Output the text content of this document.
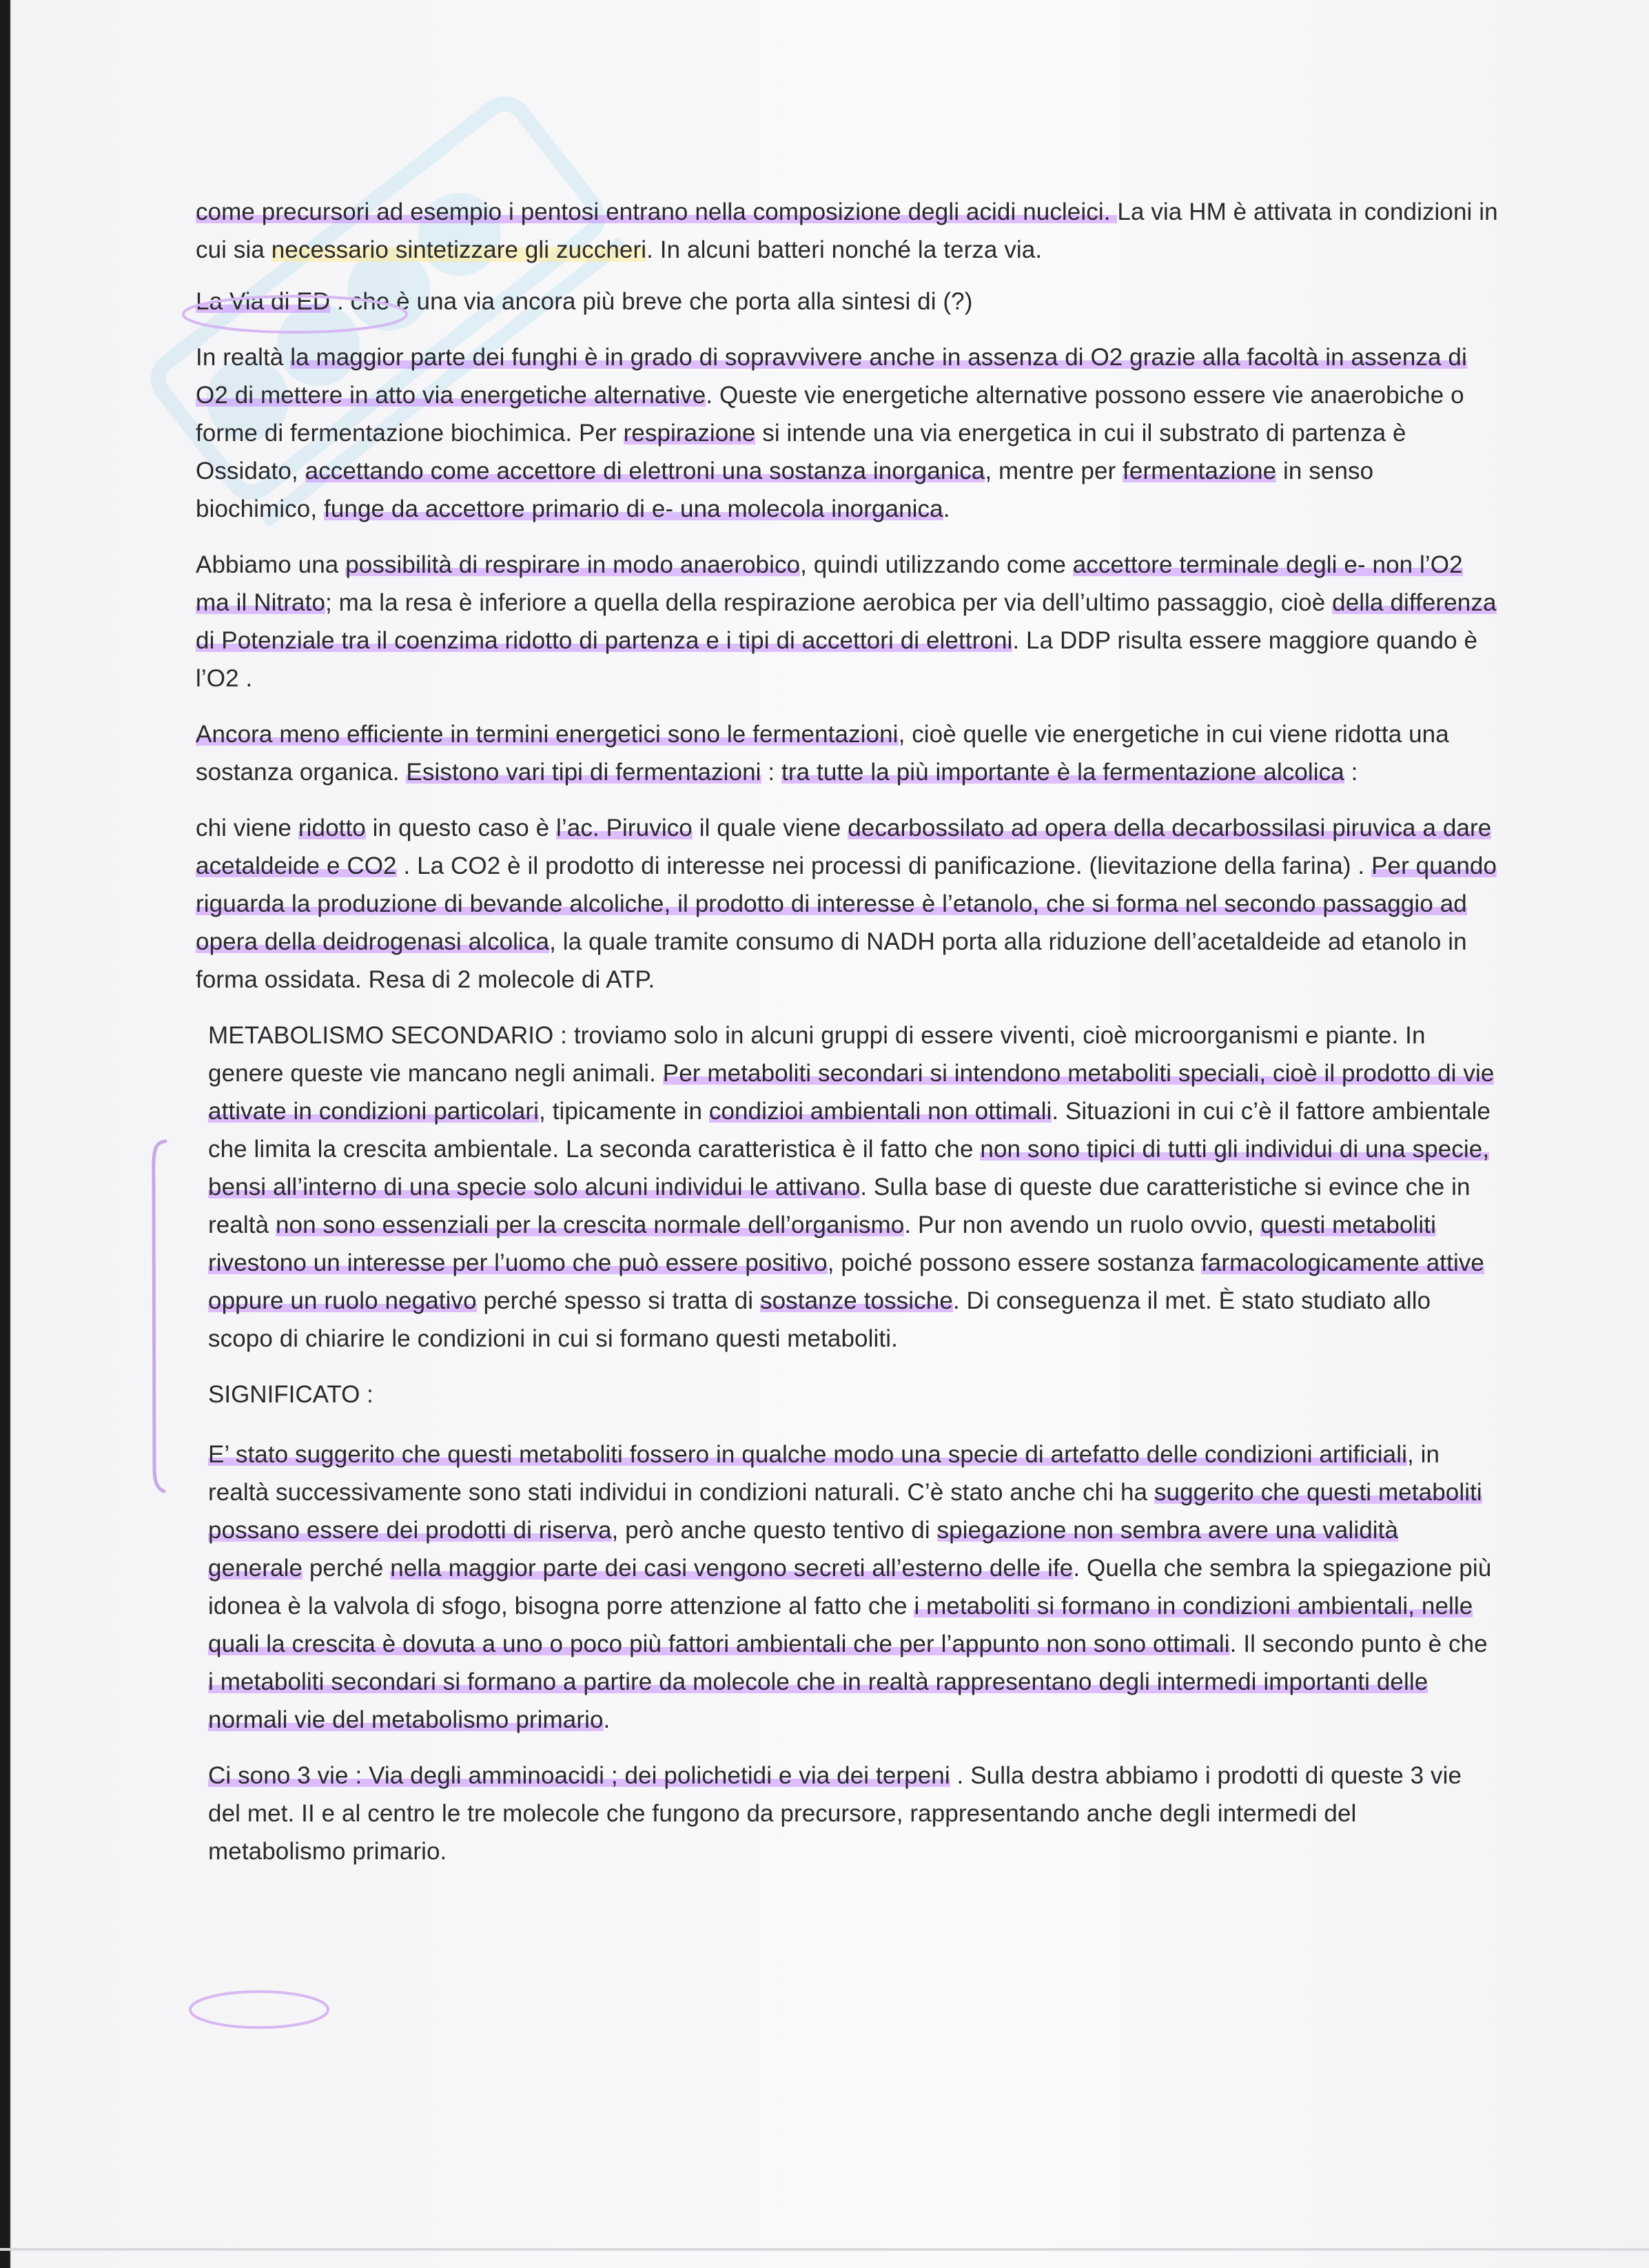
come precursori ad esempio i pentosi entrano nella composizione degli acidi nucleici. La via HM è attivata in condizioni in cui sia necessario sintetizzare gli zuccheri. In alcuni batteri nonché la terza via.

La Via di ED : che è una via ancora più breve che porta alla sintesi di (?)

In realtà la maggior parte dei funghi è in grado di sopravvivere anche in assenza di O2 grazie alla facoltà in assenza di O2 di mettere in atto via energetiche alternative. Queste vie energetiche alternative possono essere vie anaerobiche o forme di fermentazione biochimica. Per respirazione si intende una via energetica in cui il substrato di partenza è Ossidato, accettando come accettore di elettroni una sostanza inorganica, mentre per fermentazione in senso biochimico, funge da accettore primario di e- una molecola inorganica.

Abbiamo una possibilità di respirare in modo anaerobico, quindi utilizzando come accettore terminale degli e- non l’O2 ma il Nitrato; ma la resa è inferiore a quella della respirazione aerobica per via dell’ultimo passaggio, cioè della differenza di Potenziale tra il coenzima ridotto di partenza e i tipi di accettori di elettroni. La DDP risulta essere maggiore quando è l’O2 .

Ancora meno efficiente in termini energetici sono le fermentazioni, cioè quelle vie energetiche in cui viene ridotta una sostanza organica. Esistono vari tipi di fermentazioni : tra tutte la più importante è la fermentazione alcolica :

chi viene ridotto in questo caso è l’ac. Piruvico il quale viene decarbossilato ad opera della decarbossilasi piruvica a dare acetaldeide e CO2 . La CO2 è il prodotto di interesse nei processi di panificazione. (lievitazione della farina) . Per quando riguarda la produzione di bevande alcoliche, il prodotto di interesse è l’etanolo, che si forma nel secondo passaggio ad opera della deidrogenasi alcolica, la quale tramite consumo di NADH porta alla riduzione dell’acetaldeide ad etanolo in forma ossidata. Resa di 2 molecole di ATP.

METABOLISMO SECONDARIO : troviamo solo in alcuni gruppi di essere viventi, cioè microorganismi e piante. In genere queste vie mancano negli animali. Per metaboliti secondari si intendono metaboliti speciali, cioè il prodotto di vie attivate in condizioni particolari, tipicamente in condizioi ambientali non ottimali. Situazioni in cui c’è il fattore ambientale che limita la crescita ambientale. La seconda caratteristica è il fatto che non sono tipici di tutti gli individui di una specie, bensi all’interno di una specie solo alcuni individui le attivano. Sulla base di queste due caratteristiche si evince che in realtà non sono essenziali per la crescita normale dell’organismo. Pur non avendo un ruolo ovvio, questi metaboliti rivestono un interesse per l’uomo che può essere positivo, poiché possono essere sostanza farmacologicamente attive oppure un ruolo negativo perché spesso si tratta di sostanze tossiche. Di conseguenza il met. È stato studiato allo scopo di chiarire le condizioni in cui si formano questi metaboliti.

SIGNIFICATO :

E’ stato suggerito che questi metaboliti fossero in qualche modo una specie di artefatto delle condizioni artificiali, in realtà successivamente sono stati individui in condizioni naturali. C’è stato anche chi ha suggerito che questi metaboliti possano essere dei prodotti di riserva, però anche questo tentivo di spiegazione non sembra avere una validità generale perché nella maggior parte dei casi vengono secreti all’esterno delle ife. Quella che sembra la spiegazione più idonea è la valvola di sfogo, bisogna porre attenzione al fatto che i metaboliti si formano in condizioni ambientali, nelle quali la crescita è dovuta a uno o poco più fattori ambientali che per l’appunto non sono ottimali. Il secondo punto è che i metaboliti secondari si formano a partire da molecole che in realtà rappresentano degli intermedi importanti delle normali vie del metabolismo primario.

Ci sono 3 vie : Via degli amminoacidi ; dei polichetidi e via dei terpeni . Sulla destra abbiamo i prodotti di queste 3 vie del met. II e al centro le tre molecole che fungono da precursore, rappresentando anche degli intermedi del metabolismo primario.
